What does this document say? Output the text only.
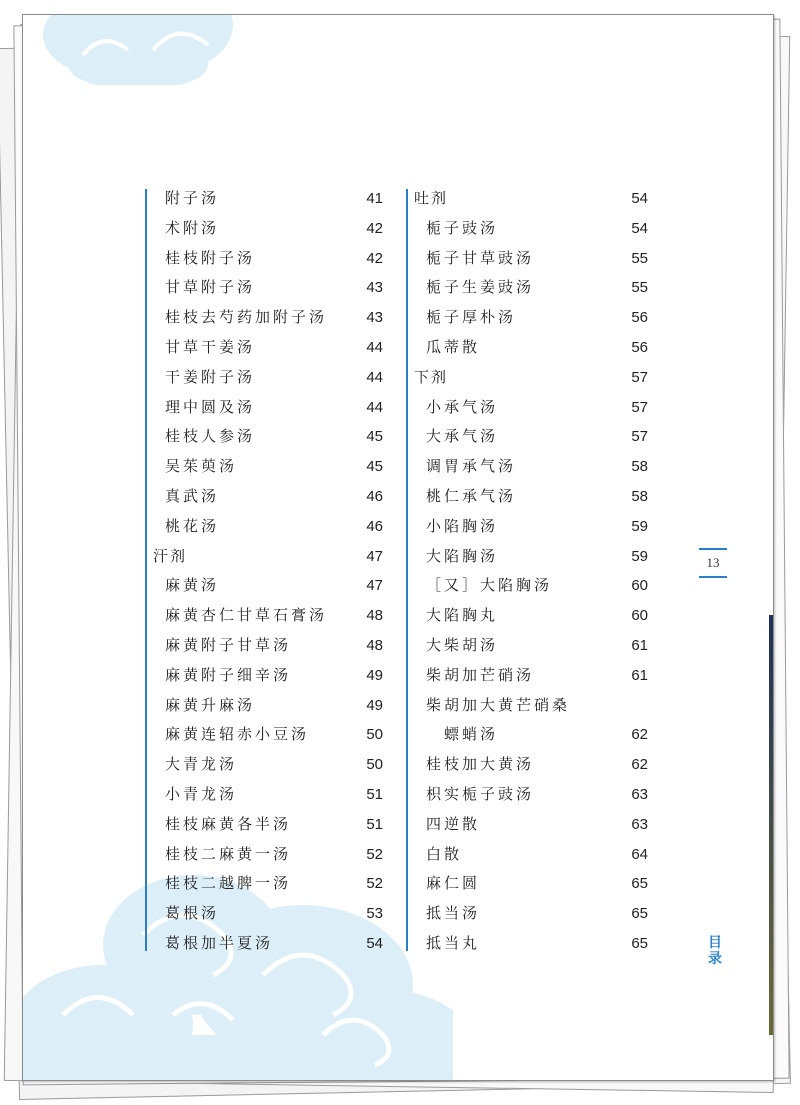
附子汤	41
术附汤	42
桂枝附子汤	42
甘草附子汤	43
桂枝去芍药加附子汤	43
甘草干姜汤	44
干姜附子汤	44
理中圆及汤	44
桂枝人参汤	45
吴茱萸汤	45
真武汤	46
桃花汤	46
汗剂	47
麻黄汤	47
麻黄杏仁甘草石膏汤	48
麻黄附子甘草汤	48
麻黄附子细辛汤	49
麻黄升麻汤	49
麻黄连轺赤小豆汤	50
大青龙汤	50
小青龙汤	51
桂枝麻黄各半汤	51
桂枝二麻黄一汤	52
桂枝二越脾一汤	52
葛根汤	53
葛根加半夏汤	54
吐剂	54
栀子豉汤	54
栀子甘草豉汤	55
栀子生姜豉汤	55
栀子厚朴汤	56
瓜蒂散	56
下剂	57
小承气汤	57
大承气汤	57
调胃承气汤	58
桃仁承气汤	58
小陷胸汤	59
大陷胸汤	59
［又］大陷胸汤	60
大陷胸丸	60
大柴胡汤	61
柴胡加芒硝汤	61
柴胡加大黄芒硝桑
螵蛸汤	62
桂枝加大黄汤	62
枳实栀子豉汤	63
四逆散	63
白散	64
麻仁圆	65
抵当汤	65
抵当丸	65
13
目录
